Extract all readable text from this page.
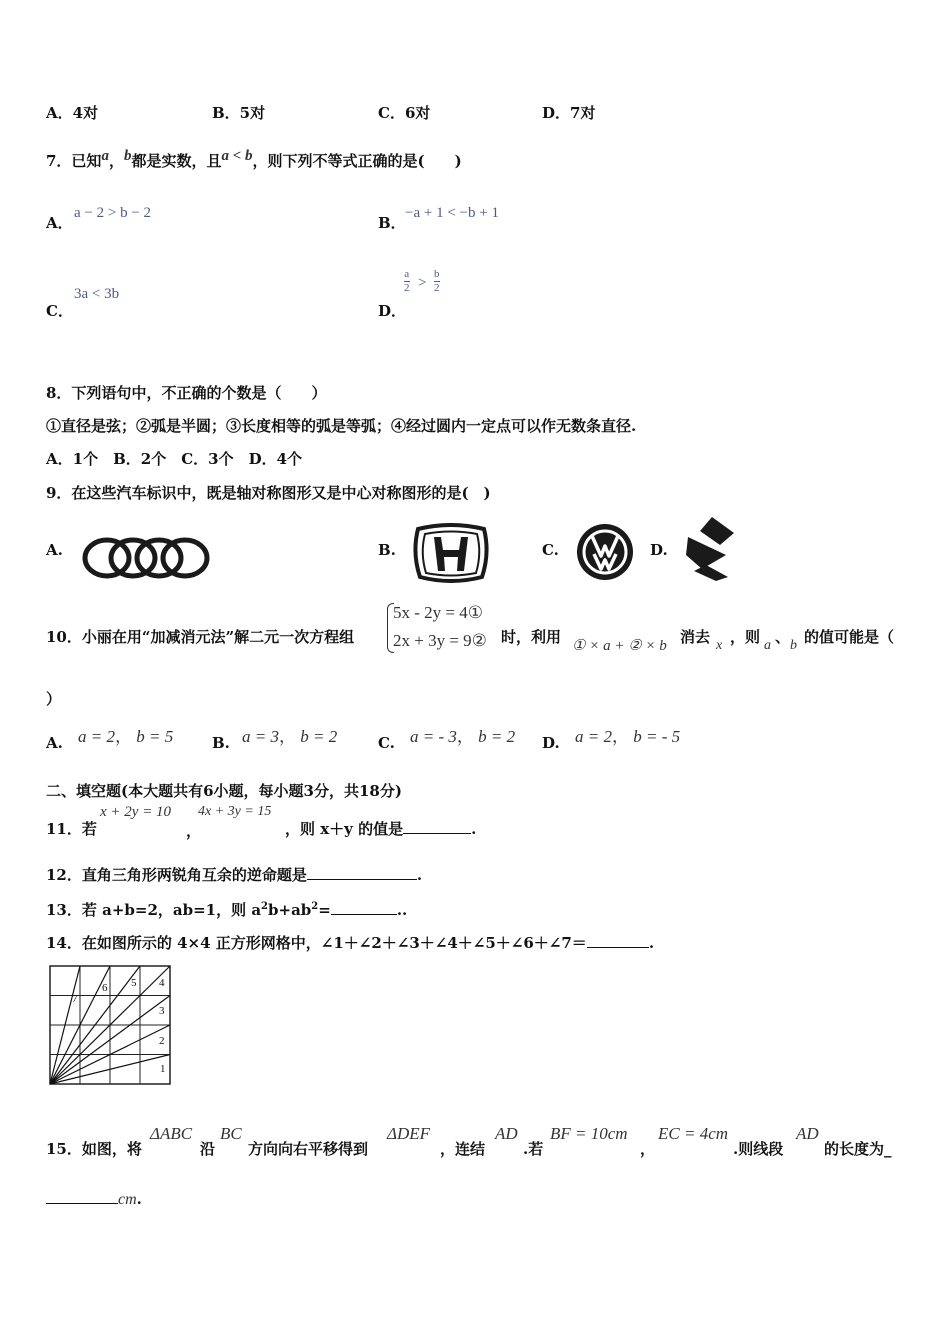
A．4对	B．5对	C．6对	D．7对
7．已知a，b都是实数，且a < b，则下列不等式正确的是(　　)
A．
a − 2 > b − 2
B．
−a + 1 < −b + 1
C．
3a < 3b
D．
$\frac{a}{2} > \frac{b}{2}$
8．下列语句中，不正确的个数是（　　）
①直径是弦；②弧是半圆；③长度相等的弧是等弧；④经过圆内一定点可以作无数条直径.
A．1个　B．2个　C．3个　D．4个
9．在这些汽车标识中，既是轴对称图形又是中心对称图形的是(　)
A.	B.	C.	D.
10．小丽在用“加减消元法”解二元一次方程组
5x - 2y = 4①
2x + 3y = 9② 时，利用 ① × a + ② × b 消去 x ，则 a 、 b 的值可能是（
）
A. a = 2， b = 5	B. a = 3， b = 2	C. a = - 3， b = 2 D. a = 2， b = - 5
二、填空题(本大题共有6小题，每小题3分，共18分)
11．若
x + 2y = 10
，
4x + 3y = 15
，则 x＋y 的值是	.
12．直角三角形两锐角互余的逆命题是	.
13．若 a+b=2，ab=1，则 $a^2b+ab^2=$	..
14．在如图所示的 4×4 正方形网格中，∠1＋∠2＋∠3＋∠4＋∠5＋∠6＋∠7＝	.
1
2
3
4
5
6
7
15．如图，将
ΔABC
沿
BC
方向向右平移得到
ΔDEF
，连结
AD
.若
BF = 10cm
，
EC = 4cm
.则线段
AD
的长度为_
cm.
